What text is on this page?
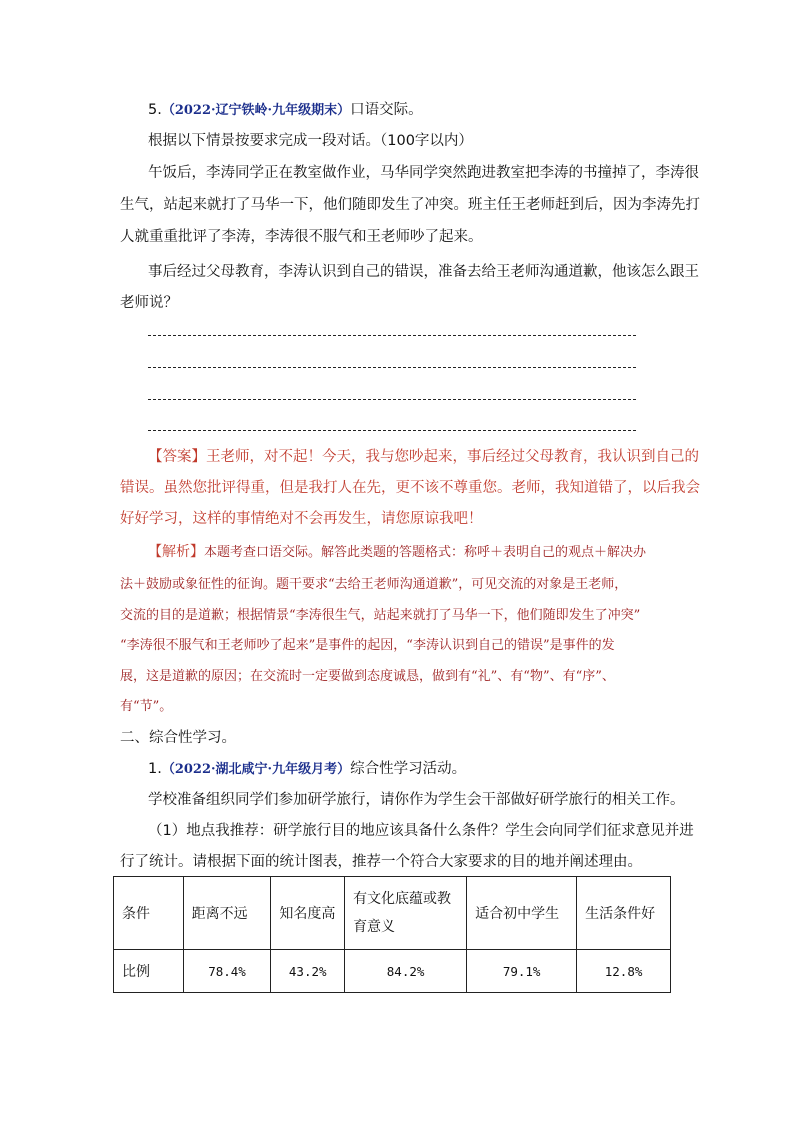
5.（2022·辽宁铁岭·九年级期末）口语交际。
根据以下情景按要求完成一段对话。（100字以内）
午饭后，李涛同学正在教室做作业，马华同学突然跑进教室把李涛的书撞掉了，李涛很
生气，站起来就打了马华一下，他们随即发生了冲突。班主任王老师赶到后，因为李涛先打
人就重重批评了李涛，李涛很不服气和王老师吵了起来。
事后经过父母教育，李涛认识到自己的错误，准备去给王老师沟通道歉，他该怎么跟王
老师说？
【答案】王老师，对不起！今天，我与您吵起来，事后经过父母教育，我认识到自己的
错误。虽然您批评得重，但是我打人在先，更不该不尊重您。老师，我知道错了，以后我会
好好学习，这样的事情绝对不会再发生，请您原谅我吧！
【解析】本题考查口语交际。解答此类题的答题格式：称呼＋表明自己的观点＋解决办
法＋鼓励或象征性的征询。题干要求“去给王老师沟通道歉”，可见交流的对象是王老师，
交流的目的是道歉；根据情景“李涛很生气，站起来就打了马华一下，他们随即发生了冲突”
“李涛很不服气和王老师吵了起来”是事件的起因，“李涛认识到自己的错误”是事件的发
展，这是道歉的原因；在交流时一定要做到态度诚恳，做到有“礼”、有“物”、有“序”、
有“节”。
二、综合性学习。
1.（2022·湖北咸宁·九年级月考）综合性学习活动。
学校准备组织同学们参加研学旅行，请你作为学生会干部做好研学旅行的相关工作。
（1）地点我推荐：研学旅行目的地应该具备什么条件？学生会向同学们征求意见并进
行了统计。请根据下面的统计图表，推荐一个符合大家要求的目的地并阐述理由。
条件	距离不远	知名度高	有文化底蕴或教育意义	适合初中学生	生活条件好
比例	78.4%	43.2%	84.2%	79.1%	12.8%
